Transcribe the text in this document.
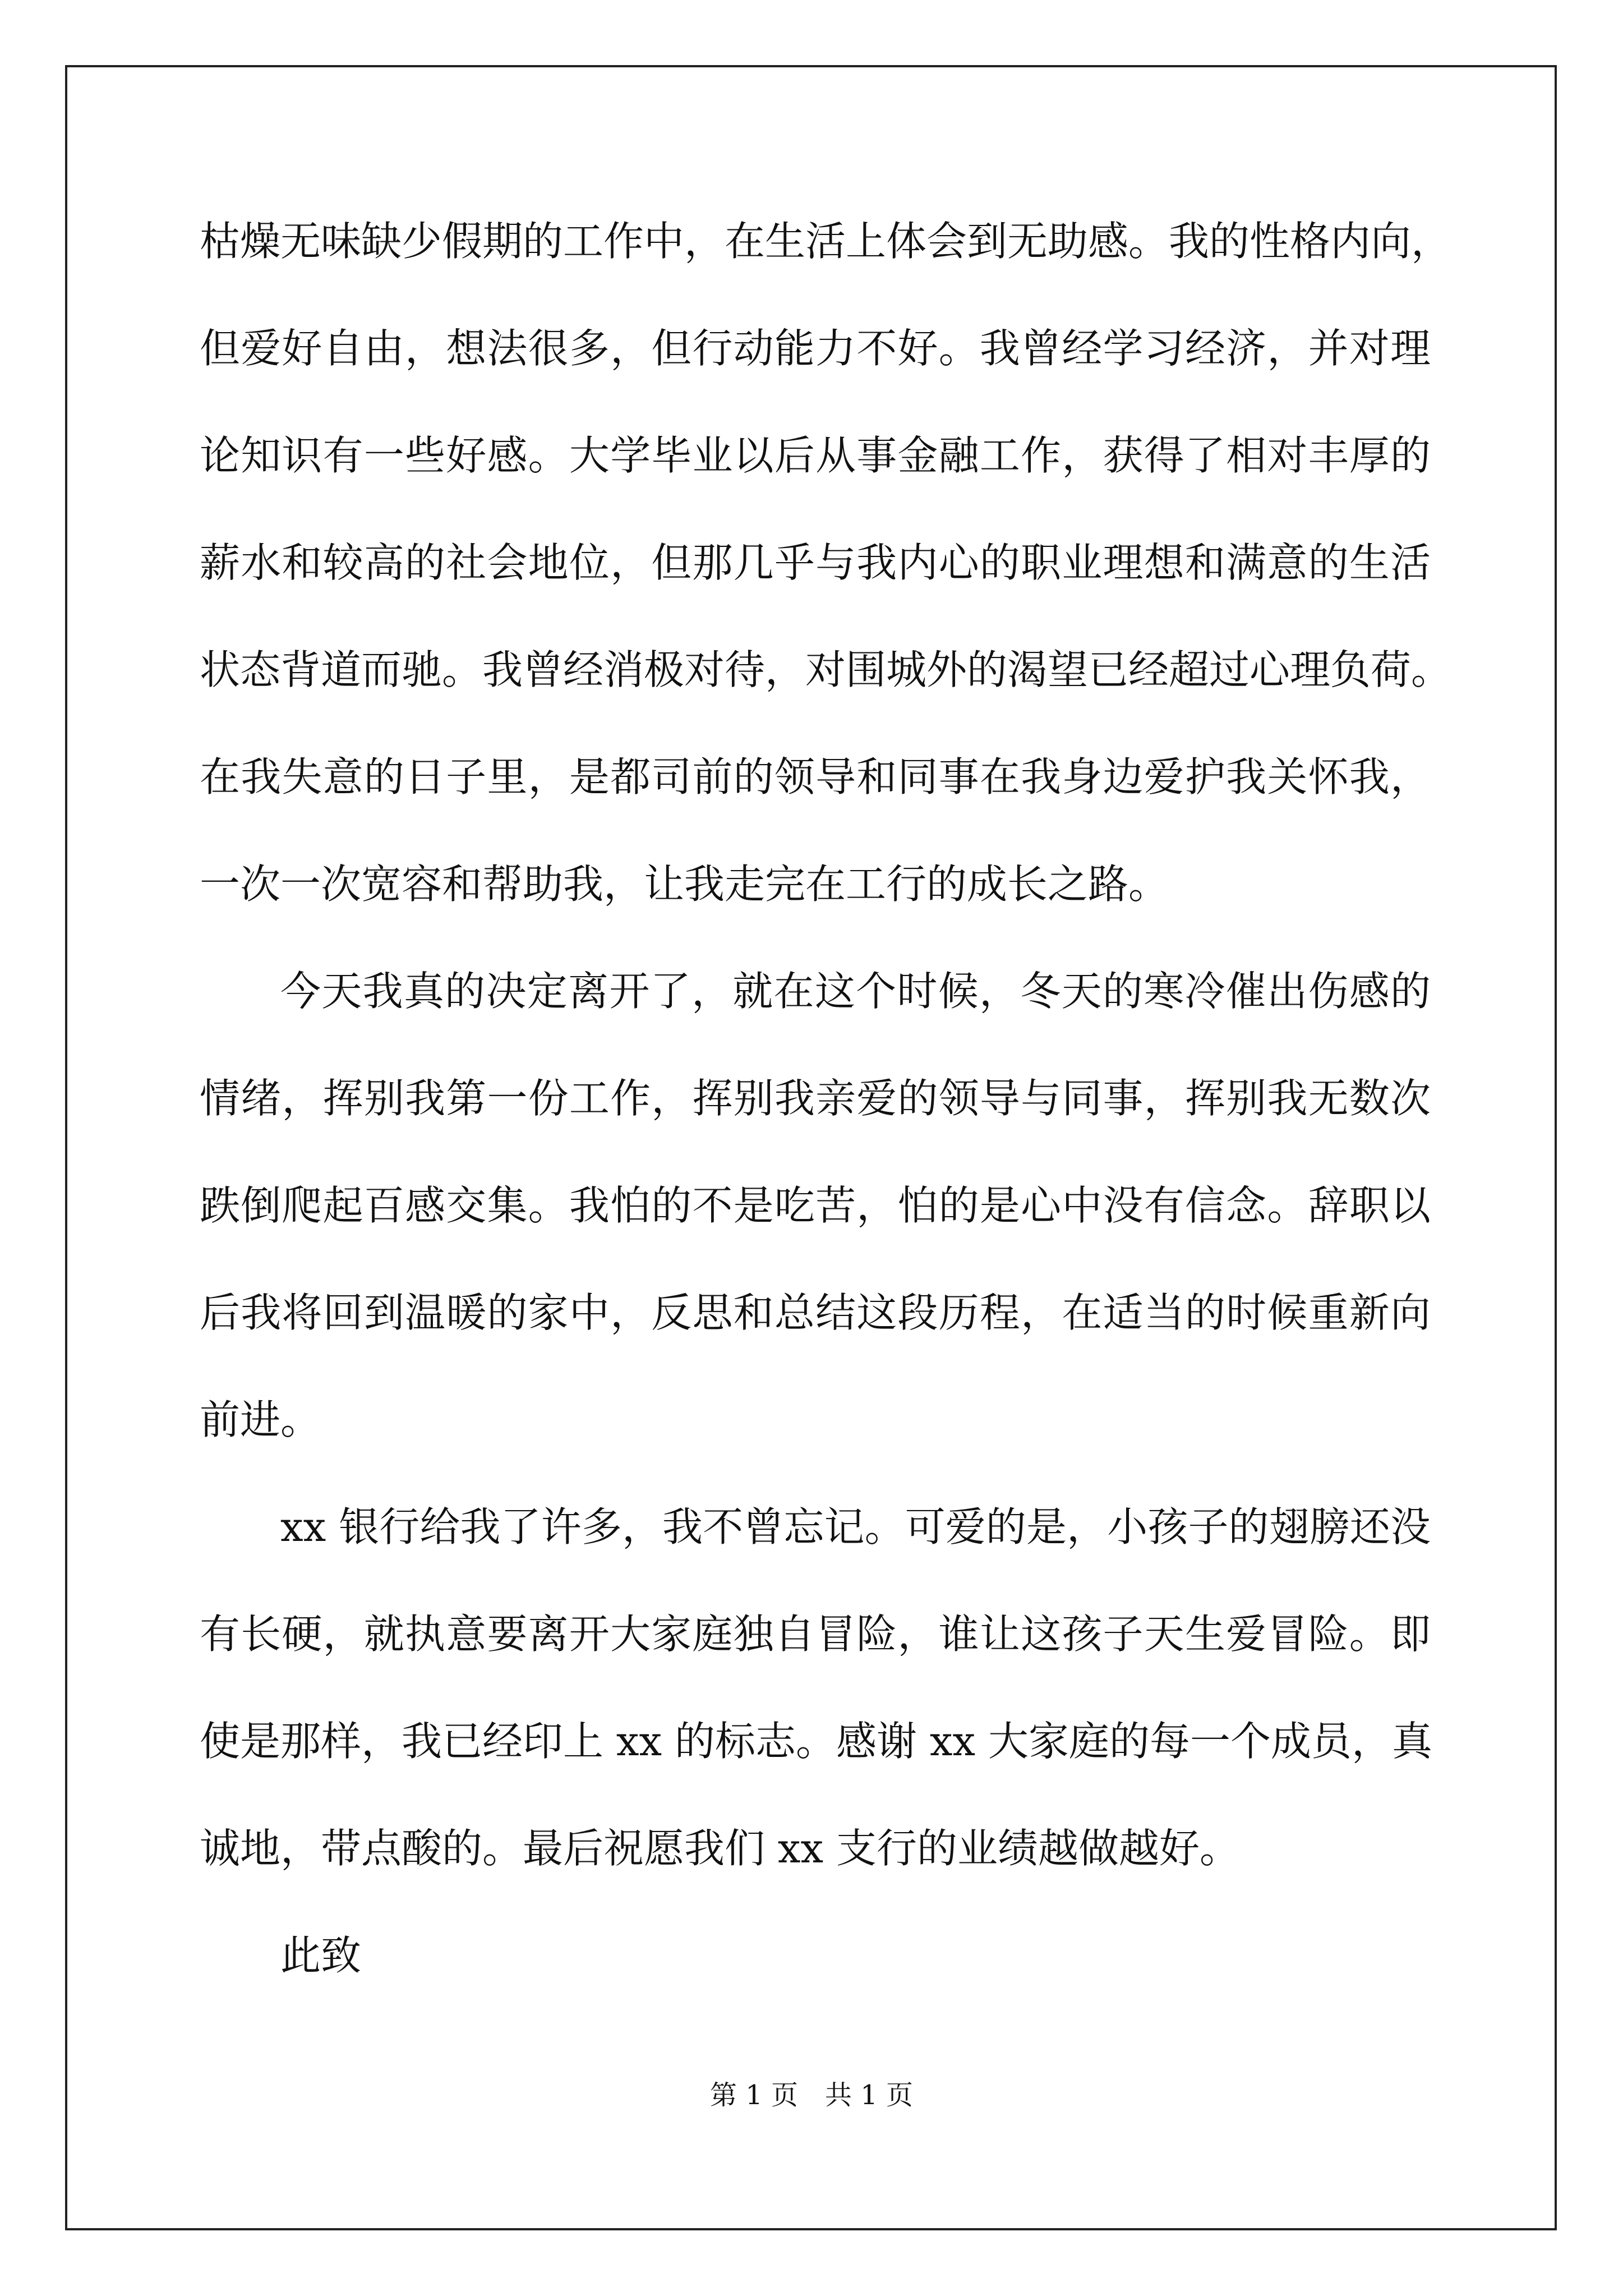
枯燥无味缺少假期的工作中，在生活上体会到无助感。我的性格内向，
但爱好自由，想法很多，但行动能力不好。我曾经学习经济，并对理
论知识有一些好感。大学毕业以后从事金融工作，获得了相对丰厚的
薪水和较高的社会地位，但那几乎与我内心的职业理想和满意的生活
状态背道而驰。我曾经消极对待，对围城外的渴望已经超过心理负荷。
在我失意的日子里，是都司前的领导和同事在我身边爱护我关怀我，
一次一次宽容和帮助我，让我走完在工行的成长之路。
今天我真的决定离开了，就在这个时候，冬天的寒冷催出伤感的
情绪，挥别我第一份工作，挥别我亲爱的领导与同事，挥别我无数次
跌倒爬起百感交集。我怕的不是吃苦，怕的是心中没有信念。辞职以
后我将回到温暖的家中，反思和总结这段历程，在适当的时候重新向
前进。
xx 银行给我了许多，我不曾忘记。可爱的是，小孩子的翅膀还没
有长硬，就执意要离开大家庭独自冒险，谁让这孩子天生爱冒险。即
使是那样，我已经印上 xx 的标志。感谢 xx 大家庭的每一个成员，真
诚地，带点酸的。最后祝愿我们 xx 支行的业绩越做越好。
此致
第 1 页　共 1 页
